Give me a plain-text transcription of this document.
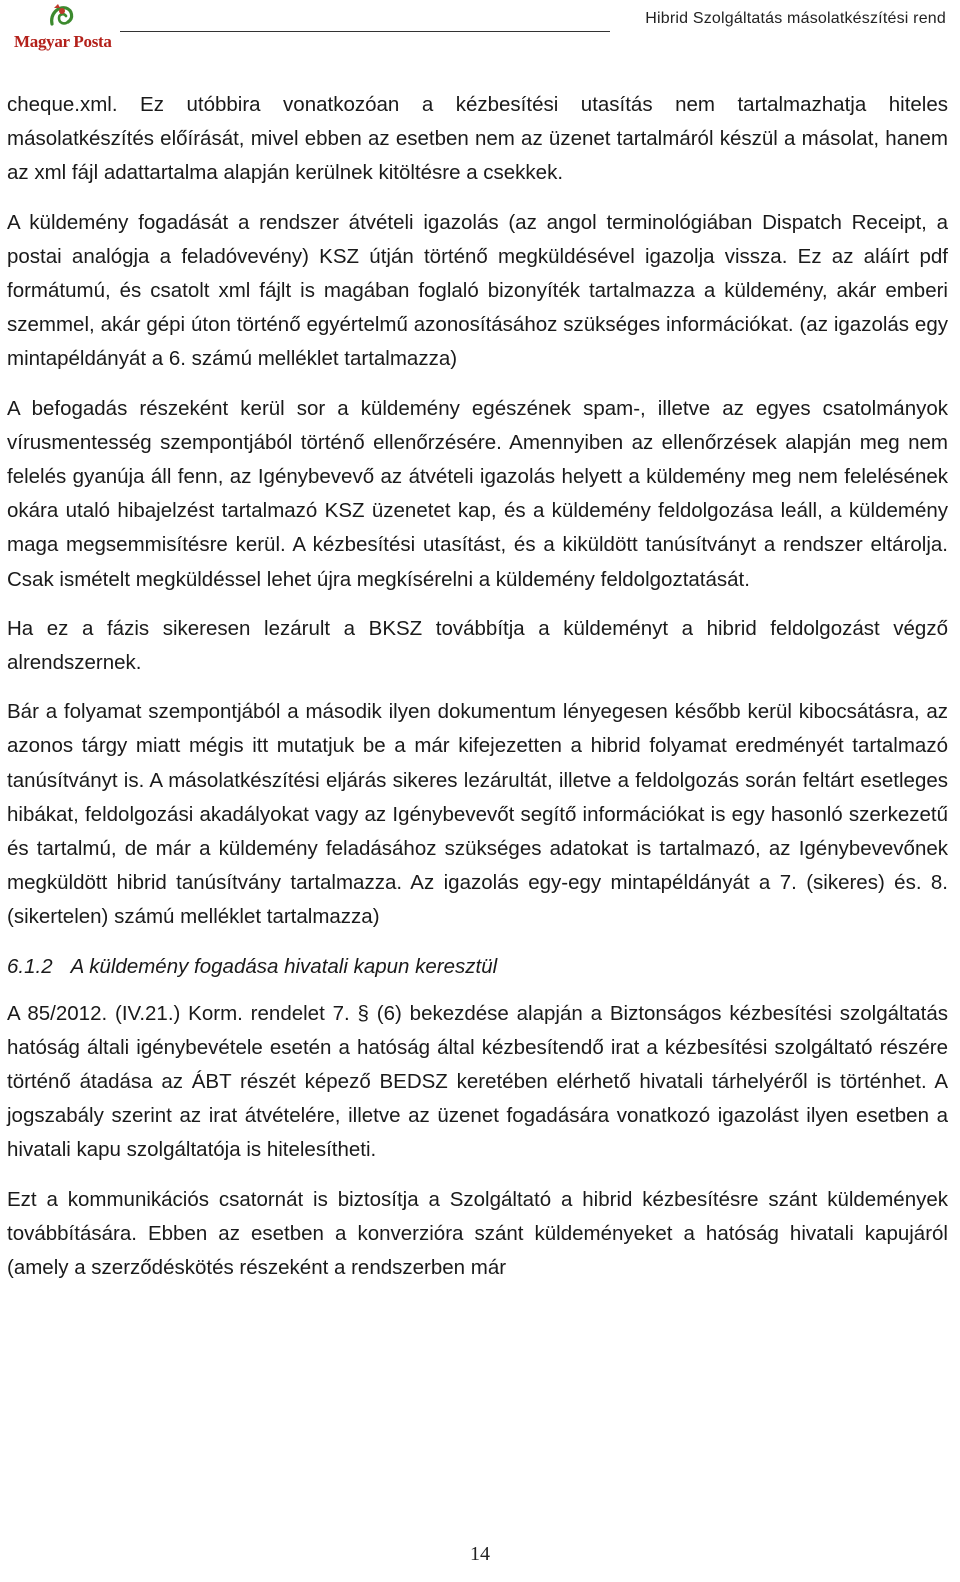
Magyar Posta
Hibrid Szolgáltatás másolatkészítési rend

cheque.xml. Ez utóbbira vonatkozóan a kézbesítési utasítás nem tartalmazhatja hiteles másolatkészítés előírását, mivel ebben az esetben nem az üzenet tartalmáról készül a másolat, hanem az xml fájl adattartalma alapján kerülnek kitöltésre a csekkek.

A küldemény fogadását a rendszer átvételi igazolás (az angol terminológiában Dispatch Receipt, a postai analógja a feladóvevény) KSZ útján történő megküldésével igazolja vissza. Ez az aláírt pdf formátumú, és csatolt xml fájlt is magában foglaló bizonyíték tartalmazza a küldemény, akár emberi szemmel, akár gépi úton történő egyértelmű azonosításához szükséges információkat. (az igazolás egy mintapéldányát a 6. számú melléklet tartalmazza)

A befogadás részeként kerül sor a küldemény egészének spam-, illetve az egyes csatolmányok vírusmentesség szempontjából történő ellenőrzésére. Amennyiben az ellenőrzések alapján meg nem felelés gyanúja áll fenn, az Igénybevevő az átvételi igazolás helyett a küldemény meg nem felelésének okára utaló hibajelzést tartalmazó KSZ üzenetet kap, és a küldemény feldolgozása leáll, a küldemény maga megsemmisítésre kerül. A kézbesítési utasítást, és a kiküldött tanúsítványt a rendszer eltárolja. Csak ismételt megküldéssel lehet újra megkísérelni a küldemény feldolgoztatását.

Ha ez a fázis sikeresen lezárult a BKSZ továbbítja a küldeményt a hibrid feldolgozást végző alrendszernek.

Bár a folyamat szempontjából a második ilyen dokumentum lényegesen később kerül kibocsátásra, az azonos tárgy miatt mégis itt mutatjuk be a már kifejezetten a hibrid folyamat eredményét tartalmazó tanúsítványt is. A másolatkészítési eljárás sikeres lezárultát, illetve a feldolgozás során feltárt esetleges hibákat, feldolgozási akadályokat vagy az Igénybevevőt segítő információkat is egy hasonló szerkezetű és tartalmú, de már a küldemény feladásához szükséges adatokat is tartalmazó, az Igénybevevőnek megküldött hibrid tanúsítvány tartalmazza. Az igazolás egy-egy mintapéldányát a 7. (sikeres) és. 8. (sikertelen) számú melléklet tartalmazza)

6.1.2 A küldemény fogadása hivatali kapun keresztül

A 85/2012. (IV.21.) Korm. rendelet 7. § (6) bekezdése alapján a Biztonságos kézbesítési szolgáltatás hatóság általi igénybevétele esetén a hatóság által kézbesítendő irat a kézbesítési szolgáltató részére történő átadása az ÁBT részét képező BEDSZ keretében elérhető hivatali tárhelyéről is történhet. A jogszabály szerint az irat átvételére, illetve az üzenet fogadására vonatkozó igazolást ilyen esetben a hivatali kapu szolgáltatója is hitelesítheti.

Ezt a kommunikációs csatornát is biztosítja a Szolgáltató a hibrid kézbesítésre szánt küldemények továbbítására. Ebben az esetben a konverzióra szánt küldeményeket a hatóság hivatali kapujáról (amely a szerződéskötés részeként a rendszerben már

14
